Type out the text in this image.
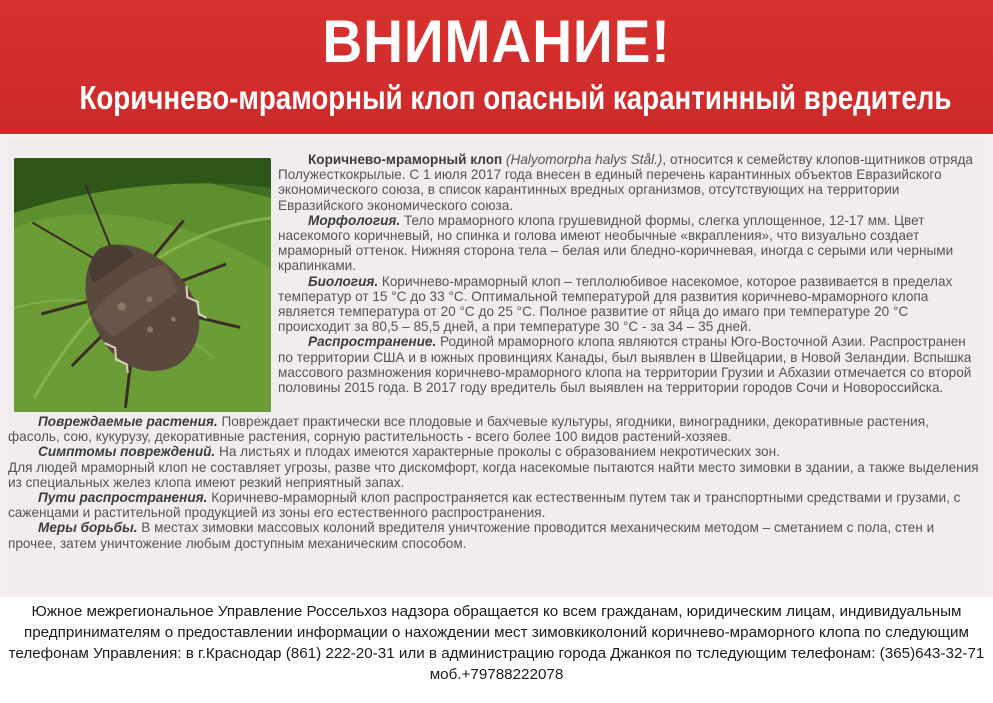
ВНИМАНИЕ!
Коричнево-мраморный клоп опасный карантинный вредитель

Коричнево-мраморный клоп (Halyomorpha halys Stål.), относится к семейству клопов-щитников отряда Полужесткокрылые. С 1 июля 2017 года внесен в единый перечень карантинных объектов Евразийского экономического союза, в список карантинных вредных организмов, отсутствующих на территории Евразийского экономического союза.

Морфология. Тело мраморного клопа грушевидной формы, слегка уплощенное, 12-17 мм. Цвет насекомого коричневый, но спинка и голова имеют необычные «вкрапления», что визуально создает мраморный оттенок. Нижняя сторона тела – белая или бледно-коричневая, иногда с серыми или черными крапинками.

Биология. Коричнево-мраморный клоп – теплолюбивое насекомое, которое развивается в пределах температур от 15 °С до 33 °С. Оптимальной температурой для развития коричнево-мраморного клопа является температура от 20 °С до 25 °С. Полное развитие от яйца до имаго при температуре 20 °С происходит за 80,5 – 85,5 дней, а при температуре 30 °С - за 34 – 35 дней.

Распространение. Родиной мраморного клопа являются страны Юго-Восточной Азии. Распространен по территории США и в южных провинциях Канады, был выявлен в Швейцарии, в Новой Зеландии. Вспышка массового размножения коричнево-мраморного клопа на территории Грузии и Абхазии отмечается со второй половины 2015 года. В 2017 году вредитель был выявлен на территории городов Сочи и Новороссийска.

Повреждаемые растения. Повреждает практически все плодовые и бахчевые культуры, ягодники, виноградники, декоративные растения, фасоль, сою, кукурузу, декоративные растения, сорную растительность - всего более 100 видов растений-хозяев.

Симптомы повреждений. На листьях и плодах имеются характерные проколы с образованием некротических зон.

Для людей мраморный клоп не составляет угрозы, разве что дискомфорт, когда насекомые пытаются найти место зимовки в здании, а также выделения из специальных желез клопа имеют резкий неприятный запах.

Пути распространения. Коричнево-мраморный клоп распространяется как естественным путем так и транспортными средствами и грузами, с саженцами и растительной продукцией из зоны его естественного распространения.

Меры борьбы. В местах зимовки массовых колоний вредителя уничтожение проводится механическим методом – сметанием с пола, стен и прочее, затем уничтожение любым доступным механическим способом.

Южное межрегиональное Управление Россельхоз надзора обращается ко всем гражданам, юридическим лицам, индивидуальным предпринимателям о предоставлении информации о нахождении мест зимовкиколоний коричнево-мраморного клопа по следующим телефонам Управления: в г.Краснодар (861) 222-20-31 или в администрацию города Джанкоя по тследующим телефонам: (365)643-32-71 моб.+79788222078
